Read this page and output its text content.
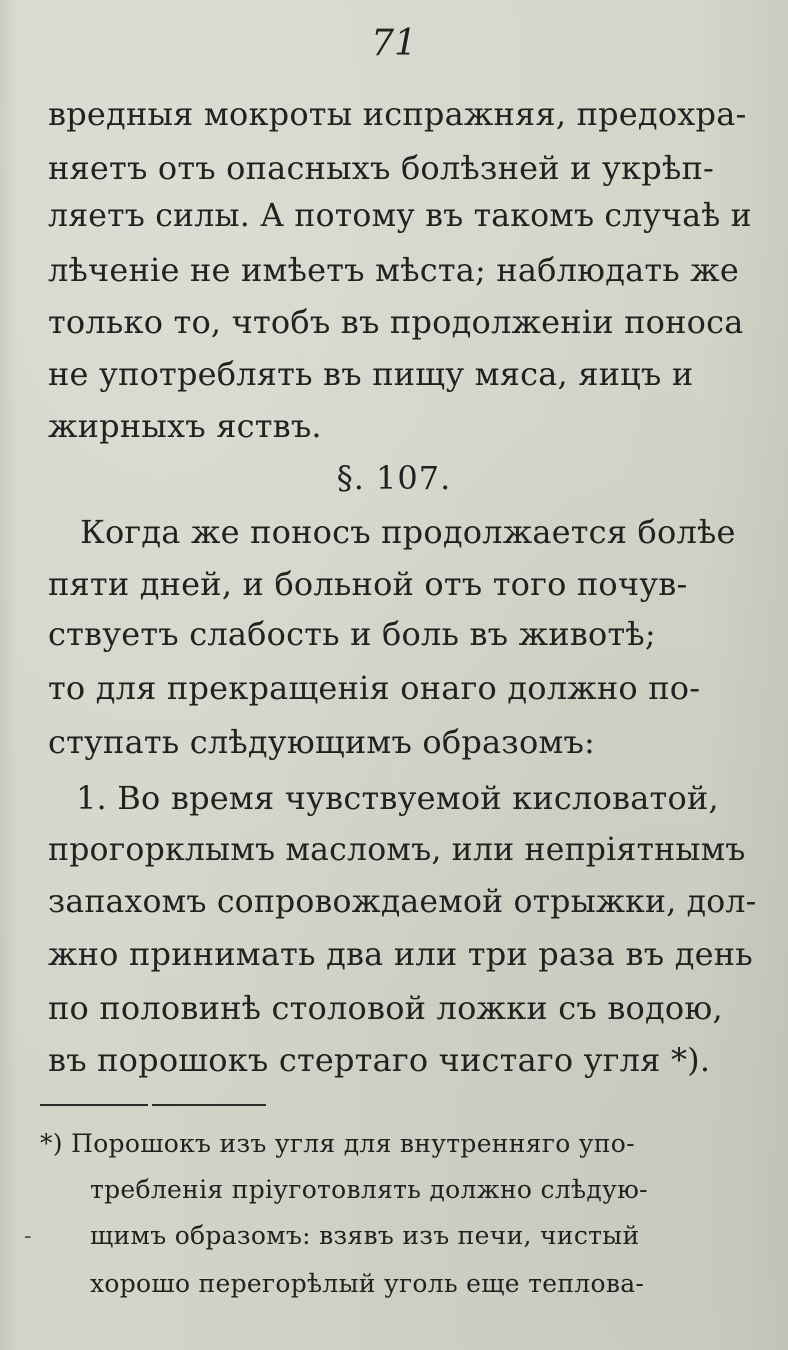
71
вредныя мокроты испражняя, предохра-
няетъ отъ опасныхъ болѣзней и укрѣп-
ляетъ силы. А потому въ такомъ случаѣ и
лѣченіе не имѣетъ мѣста; наблюдать же
только то, чтобъ въ продолженіи поноса
не употреблять въ пищу мяса, яицъ и
жирныхъ яствъ.
§. 107.
Когда же поносъ продолжается болѣе
пяти дней, и больной отъ того почув-
ствуетъ слабость и боль въ животѣ;
то для прекращенія онаго должно по-
ступать слѣдующимъ образомъ:
1. Во время чувствуемой кисловатой,
прогорклымъ масломъ, или непріятнымъ
запахомъ сопровождаемой отрыжки, дол-
жно принимать два или три раза въ день
по половинѣ столовой ложки съ водою,
въ порошокъ стертаго чистаго угля *).
*) Порошокъ изъ угля для внутренняго упо-
требленія пріуготовлять должно слѣдую-
щимъ образомъ: взявъ изъ печи, чистый
хорошо перегорѣлый уголь еще тепловa-
-
